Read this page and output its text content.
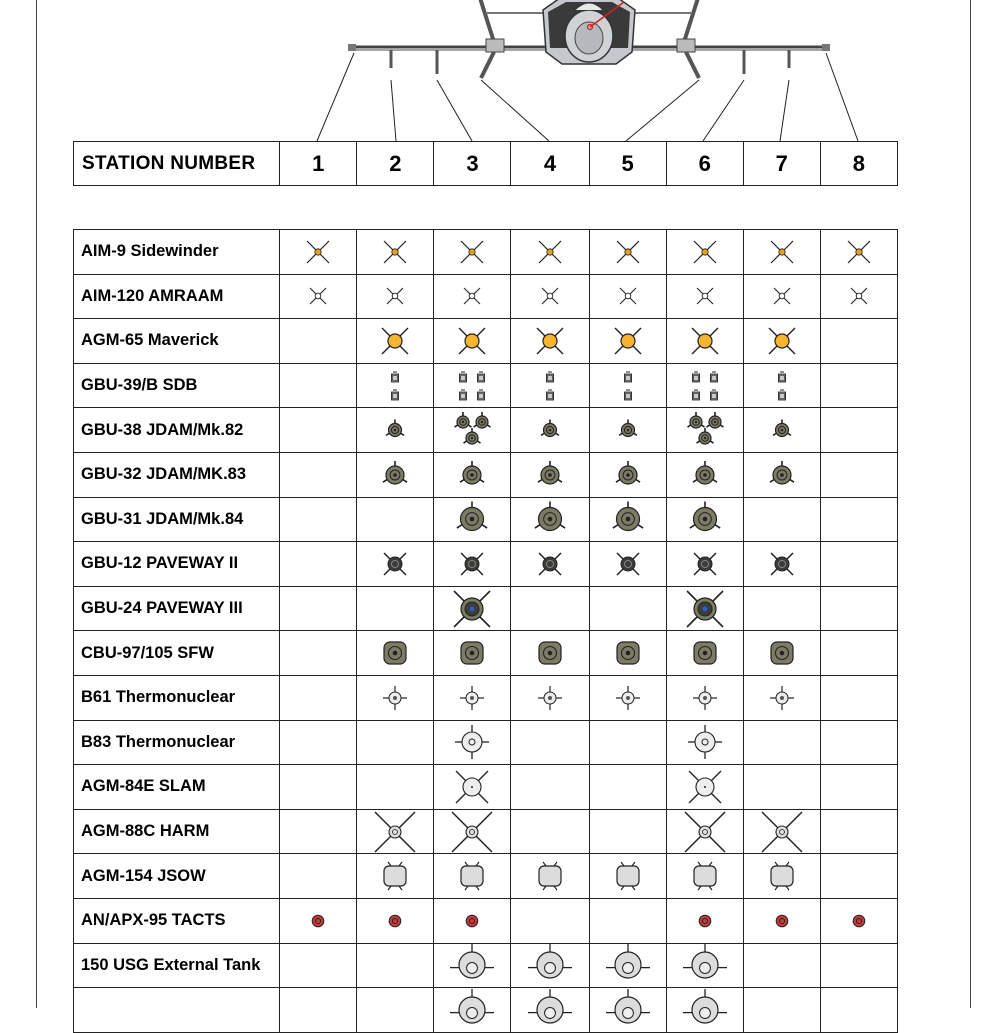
STATION NUMBER	1	2	3	4	5	6	7	8
AIM-9 Sidewinder	

AIM-120 AMRAAM	

AGM-65 Maverick		

GBU-39/B SDB		

GBU-38 JDAM/Mk.82		

GBU-32 JDAM/MK.83		

GBU-31 JDAM/Mk.84			

GBU-12 PAVEWAY II		

GBU-24 PAVEWAY III			

CBU-97/105 SFW		

B61 Thermonuclear		

B83 Thermonuclear			

AGM-84E SLAM			

AGM-88C HARM		

AGM-154 JSOW		

AN/APX-95 TACTS	

150 USG External Tank			
